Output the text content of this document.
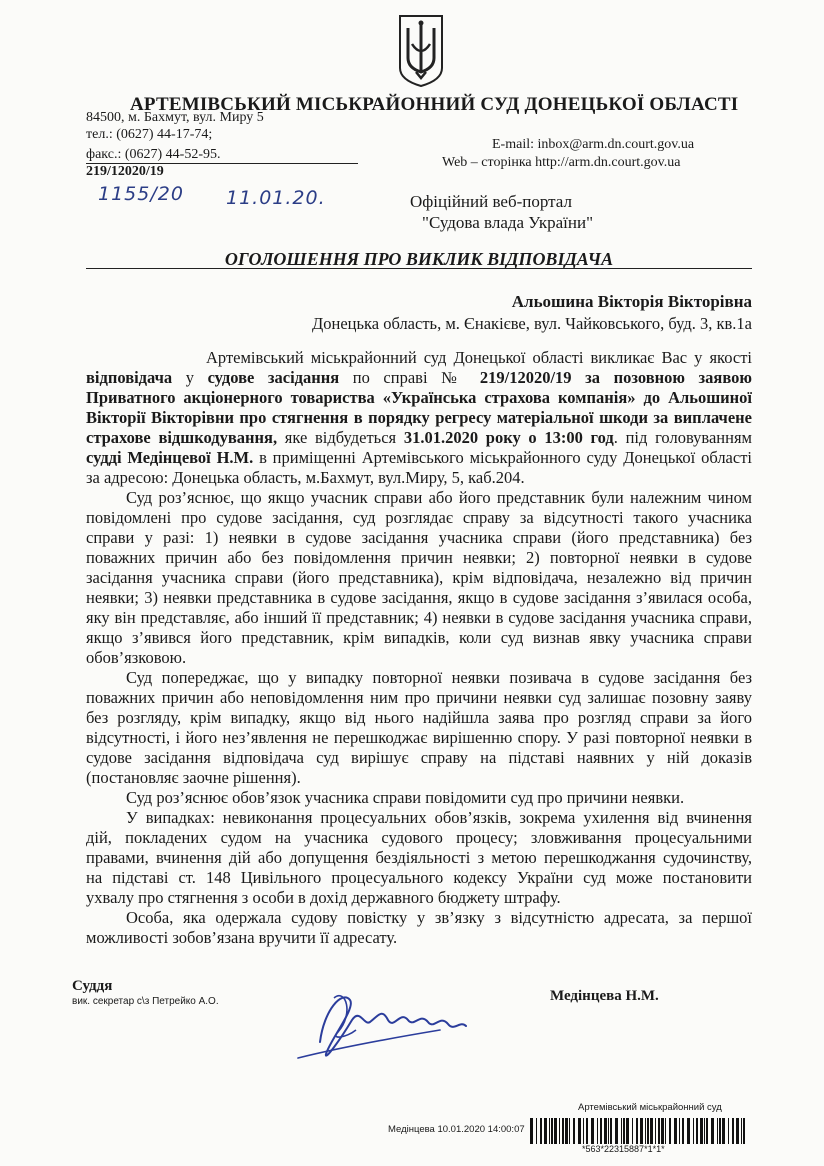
АРТЕМІВСЬКИЙ МІСЬКРАЙОННИЙ СУД ДОНЕЦЬКОЇ ОБЛАСТІ
84500, м. Бахмут, вул. Миру 5
тел.: (0627) 44-17-74;
факс.: (0627) 44-52-95.
E-mail: inbox@arm.dn.court.gov.ua
Web – сторінка http://arm.dn.court.gov.ua
219/12020/19
1155/20 11.01.20.	Офіційний веб-портал
"Судова влада України"
ОГОЛОШЕННЯ ПРО ВИКЛИК ВІДПОВІДАЧА
Альошина Вікторія Вікторівна
Донецька область, м. Єнакієве, вул. Чайковського, буд. 3, кв.1а
Артемівський міськрайонний суд Донецької області викликає Вас у якості
відповідача у судове засідання по справі № 219/12020/19 за позовною заявою
Приватного акціонерного товариства «Українська страхова компанія» до Альошиної
Вікторії Вікторівни про стягнення в порядку регресу матеріальної шкоди за виплачене
страхове відшкодування, яке відбудеться 31.01.2020 року о 13:00 год. під головуванням
судді Медінцевої Н.М. в приміщенні Артемівського міськрайонного суду Донецької області
за адресою: Донецька область, м.Бахмут, вул.Миру, 5, каб.204.
Суд роз’яснює, що якщо учасник справи або його представник були належним чином
повідомлені про судове засідання, суд розглядає справу за відсутності такого учасника
справи у разі: 1) неявки в судове засідання учасника справи (його представника) без
поважних причин або без повідомлення причин неявки; 2) повторної неявки в судове
засідання учасника справи (його представника), крім відповідача, незалежно від причин
неявки; 3) неявки представника в судове засідання, якщо в судове засідання з’явилася особа,
яку він представляє, або інший її представник; 4) неявки в судове засідання учасника справи,
якщо з’явився його представник, крім випадків, коли суд визнав явку учасника справи
обов’язковою.
Суд попереджає, що у випадку повторної неявки позивача в судове засідання без
поважних причин або неповідомлення ним про причини неявки суд залишає позовну заяву
без розгляду, крім випадку, якщо від нього надійшла заява про розгляд справи за його
відсутності, і його нез’явлення не перешкоджає вирішенню спору. У разі повторної неявки в
судове засідання відповідача суд вирішує справу на підставі наявних у ній доказів
(постановляє заочне рішення).
Суд роз’яснює обов’язок учасника справи повідомити суд про причини неявки.
У випадках: невиконання процесуальних обов’язків, зокрема ухилення від вчинення
дій, покладених судом на учасника судового процесу; зловживання процесуальними
правами, вчинення дій або допущення бездіяльності з метою перешкоджання судочинству,
на підставі ст. 148 Цивільного процесуального кодексу України суд може постановити
ухвалу про стягнення з особи в дохід державного бюджету штрафу.
Особа, яка одержала судову повістку у зв’язку з відсутністю адресата, за першої
можливості зобов’язана вручити її адресату.
Суддя
вик. секретар с\з Петрейко А.О.	Медінцева Н.М.
Артемівський міськрайонний суд
Медінцева 10.01.2020 14:00:07
*563*22315887*1*1*
